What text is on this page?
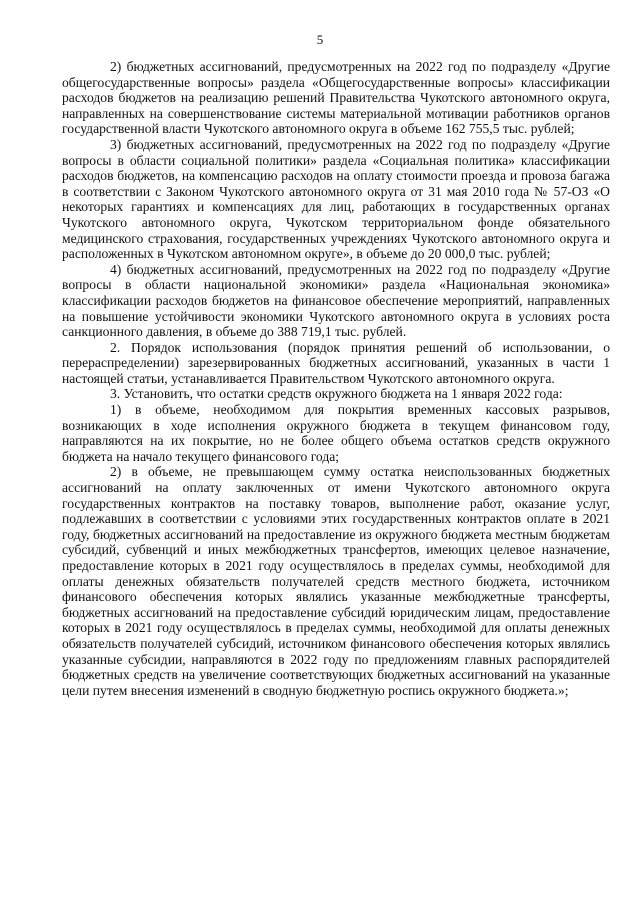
5

2) бюджетных ассигнований, предусмотренных на 2022 год по подразделу «Другие общегосударственные вопросы» раздела «Общегосударственные вопросы» классификации расходов бюджетов на реализацию решений Правительства Чукотского автономного округа, направленных на совершенствование системы материальной мотивации работников органов государственной власти Чукотского автономного округа в объеме 162 755,5 тыс. рублей;

3) бюджетных ассигнований, предусмотренных на 2022 год по подразделу «Другие вопросы в области социальной политики» раздела «Социальная политика» классификации расходов бюджетов, на компенсацию расходов на оплату стоимости проезда и провоза багажа в соответствии с Законом Чукотского автономного округа от 31 мая 2010 года № 57-ОЗ «О некоторых гарантиях и компенсациях для лиц, работающих в государственных органах Чукотского автономного округа, Чукотском территориальном фонде обязательного медицинского страхования, государственных учреждениях Чукотского автономного округа и расположенных в Чукотском автономном округе», в объеме до 20 000,0 тыс. рублей;

4) бюджетных ассигнований, предусмотренных на 2022 год по подразделу «Другие вопросы в области национальной экономики» раздела «Национальная экономика» классификации расходов бюджетов на финансовое обеспечение мероприятий, направленных на повышение устойчивости экономики Чукотского автономного округа в условиях роста санкционного давления, в объеме до 388 719,1 тыс. рублей.

2. Порядок использования (порядок принятия решений об использовании, о перераспределении) зарезервированных бюджетных ассигнований, указанных в части 1 настоящей статьи, устанавливается Правительством Чукотского автономного округа.

3. Установить, что остатки средств окружного бюджета на 1 января 2022 года:

1) в объеме, необходимом для покрытия временных кассовых разрывов, возникающих в ходе исполнения окружного бюджета в текущем финансовом году, направляются на их покрытие, но не более общего объема остатков средств окружного бюджета на начало текущего финансового года;

2) в объеме, не превышающем сумму остатка неиспользованных бюджетных ассигнований на оплату заключенных от имени Чукотского автономного округа государственных контрактов на поставку товаров, выполнение работ, оказание услуг, подлежавших в соответствии с условиями этих государственных контрактов оплате в 2021 году, бюджетных ассигнований на предоставление из окружного бюджета местным бюджетам субсидий, субвенций и иных межбюджетных трансфертов, имеющих целевое назначение, предоставление которых в 2021 году осуществлялось в пределах суммы, необходимой для оплаты денежных обязательств получателей средств местного бюджета, источником финансового обеспечения которых являлись указанные межбюджетные трансферты, бюджетных ассигнований на предоставление субсидий юридическим лицам, предоставление которых в 2021 году осуществлялось в пределах суммы, необходимой для оплаты денежных обязательств получателей субсидий, источником финансового обеспечения которых являлись указанные субсидии, направляются в 2022 году по предложениям главных распорядителей бюджетных средств на увеличение соответствующих бюджетных ассигнований на указанные цели путем внесения изменений в сводную бюджетную роспись окружного бюджета.»;
